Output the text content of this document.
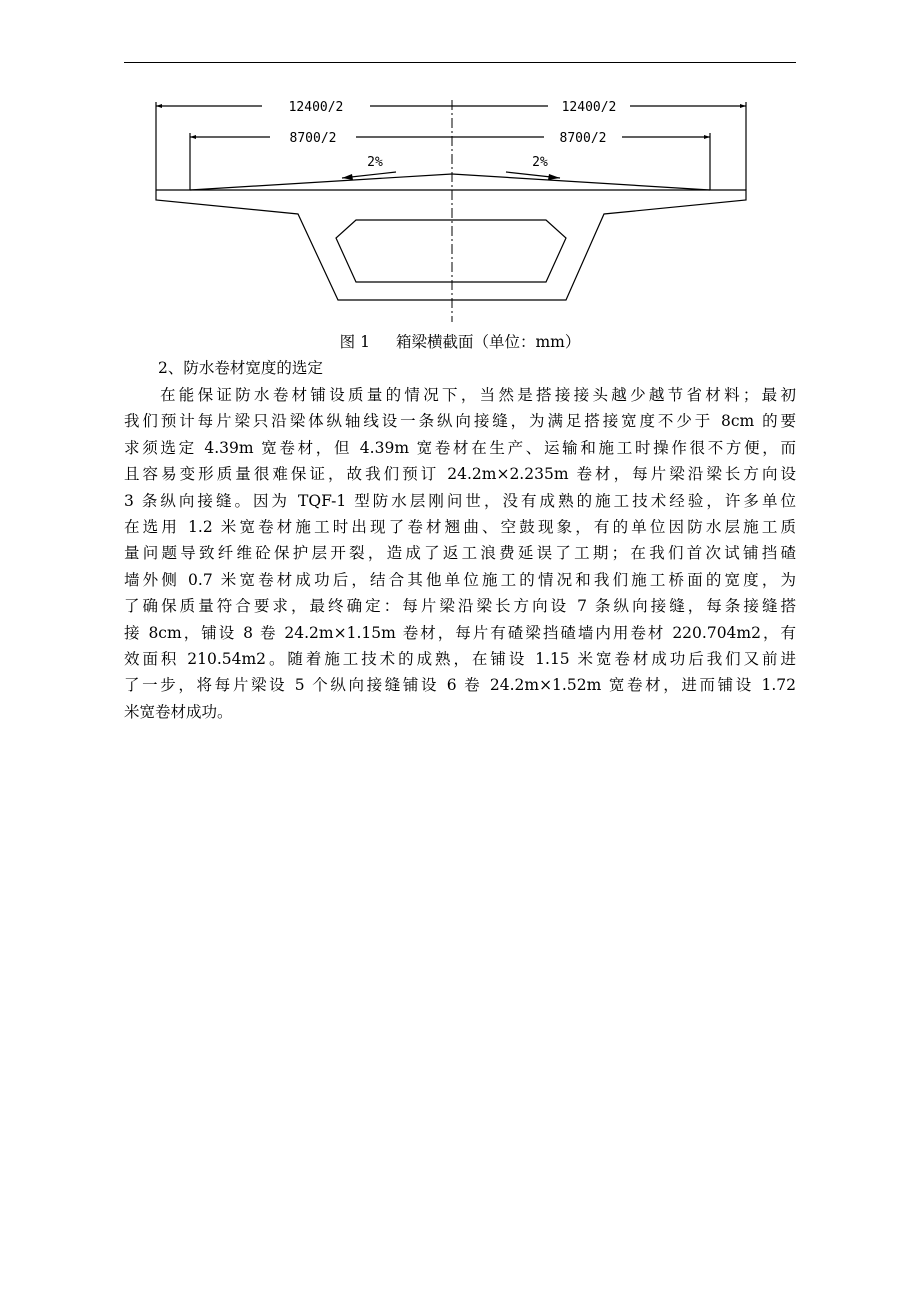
12400/2	12400/2
8700/2	8700/2
2%	2%
图 1 箱梁横截面（单位：mm）
2、防水卷材宽度的选定
在能保证防水卷材铺设质量的情况下，当然是搭接接头越少越节省材料；最初
我们预计每片梁只沿梁体纵轴线设一条纵向接缝，为满足搭接宽度不少于 8cm 的要
求须选定 4.39m 宽卷材，但 4.39m 宽卷材在生产、运输和施工时操作很不方便，而
且容易变形质量很难保证，故我们预订 24.2m×2.235m 卷材，每片梁沿梁长方向设
3 条纵向接缝。因为 TQF-1 型防水层刚问世，没有成熟的施工技术经验，许多单位
在选用 1.2 米宽卷材施工时出现了卷材翘曲、空鼓现象，有的单位因防水层施工质
量问题导致纤维砼保护层开裂，造成了返工浪费延误了工期；在我们首次试铺挡碴
墙外侧 0.7 米宽卷材成功后，结合其他单位施工的情况和我们施工桥面的宽度，为
了确保质量符合要求，最终确定：每片梁沿梁长方向设 7 条纵向接缝，每条接缝搭
接 8cm，铺设 8 卷 24.2m×1.15m 卷材，每片有碴梁挡碴墙内用卷材 220.704m2，有
效面积 210.54m2。随着施工技术的成熟，在铺设 1.15 米宽卷材成功后我们又前进
了一步，将每片梁设 5 个纵向接缝铺设 6 卷 24.2m×1.52m 宽卷材，进而铺设 1.72
米宽卷材成功。
